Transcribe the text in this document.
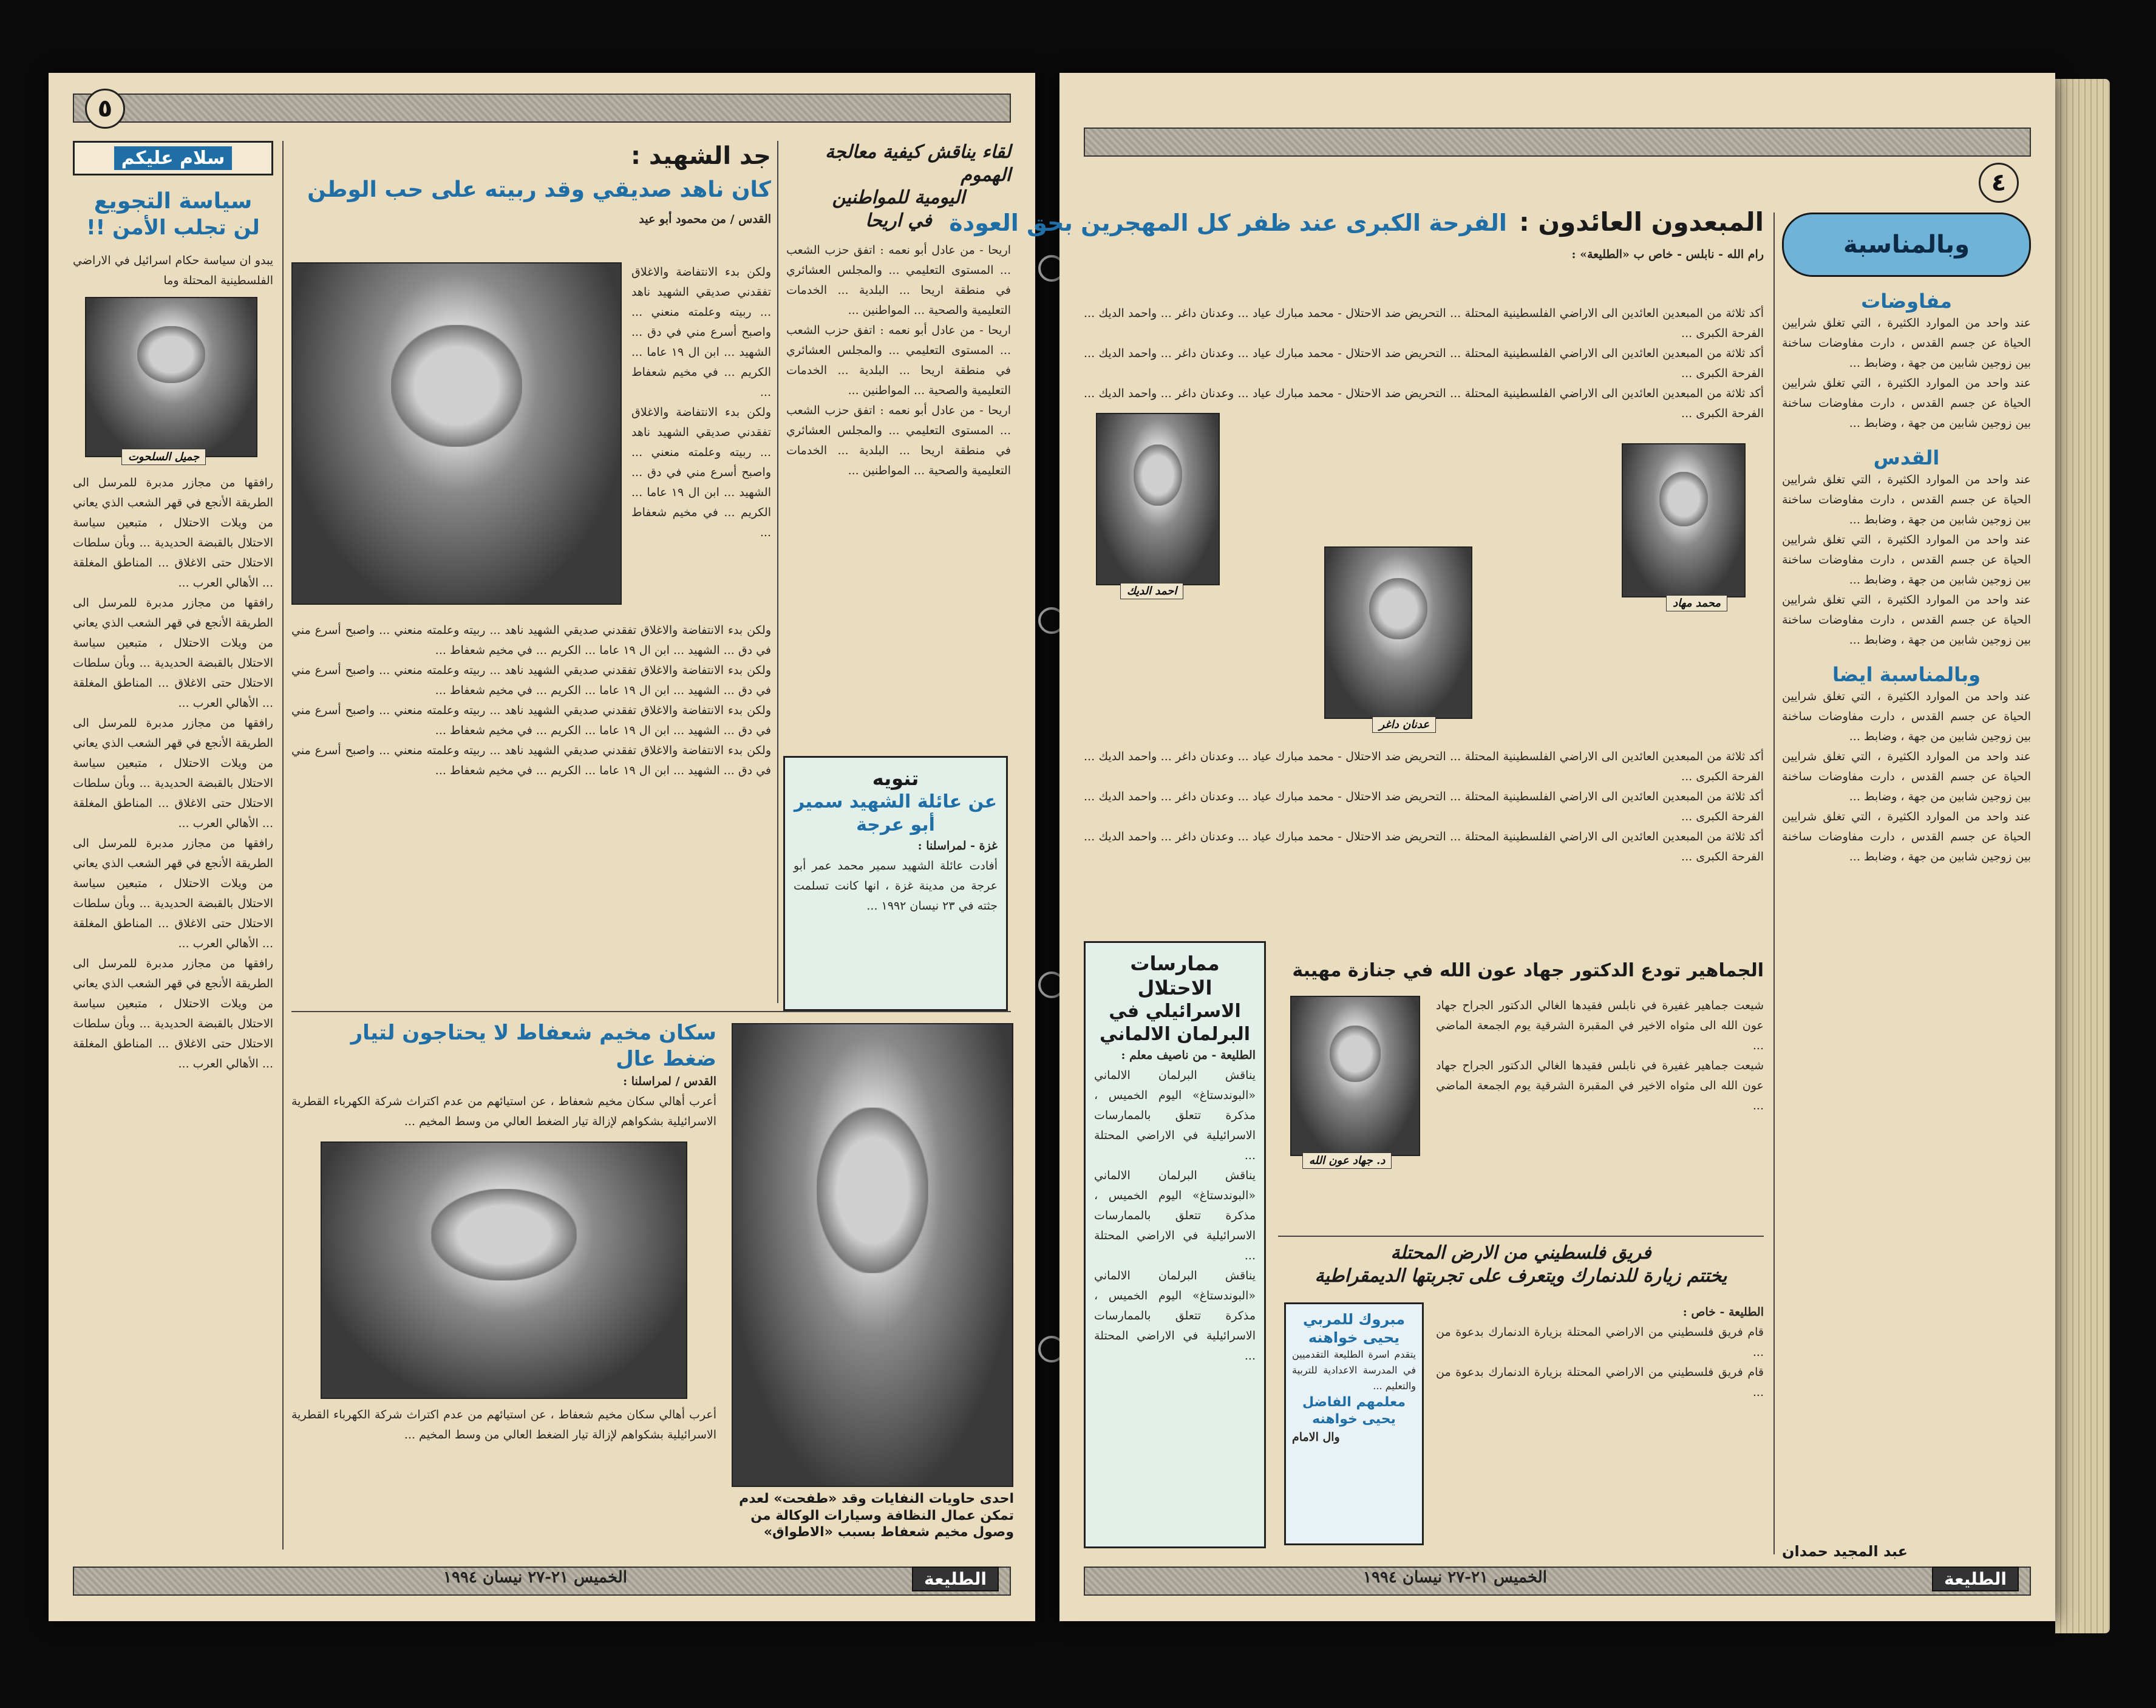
٥
سلام عليكم

سياسة التجويع

لن تجلب الأمن !!

يبدو ان سياسة حكام اسرائيل في الاراضي الفلسطينية المحتلة وما

جميل السلحوت

رافقها من مجازر مدبرة للمرسل الى الطريقة الأنجع في قهر الشعب الذي يعاني من ويلات الاحتلال ، متبعين سياسة الاحتلال بالقبضة الحديدية ... وبأن سلطات الاحتلال حتى الاغلاق ... المناطق المغلقة ... الأهالي العرب ...

رافقها من مجازر مدبرة للمرسل الى الطريقة الأنجع في قهر الشعب الذي يعاني من ويلات الاحتلال ، متبعين سياسة الاحتلال بالقبضة الحديدية ... وبأن سلطات الاحتلال حتى الاغلاق ... المناطق المغلقة ... الأهالي العرب ...

رافقها من مجازر مدبرة للمرسل الى الطريقة الأنجع في قهر الشعب الذي يعاني من ويلات الاحتلال ، متبعين سياسة الاحتلال بالقبضة الحديدية ... وبأن سلطات الاحتلال حتى الاغلاق ... المناطق المغلقة ... الأهالي العرب ...

رافقها من مجازر مدبرة للمرسل الى الطريقة الأنجع في قهر الشعب الذي يعاني من ويلات الاحتلال ، متبعين سياسة الاحتلال بالقبضة الحديدية ... وبأن سلطات الاحتلال حتى الاغلاق ... المناطق المغلقة ... الأهالي العرب ...

رافقها من مجازر مدبرة للمرسل الى الطريقة الأنجع في قهر الشعب الذي يعاني من ويلات الاحتلال ، متبعين سياسة الاحتلال بالقبضة الحديدية ... وبأن سلطات الاحتلال حتى الاغلاق ... المناطق المغلقة ... الأهالي العرب ...

جد الشهيد :

كان ناهد صديقي وقد ربيته على حب الوطن

القدس / من محمود أبو عيد

ولكن بدء الانتفاضة والاغلاق تفقدني صديقي الشهيد ناهد ... ربيته وعلمته منعني ... واصبح أسرع مني في دق ... الشهيد ... ابن ال ١٩ عاما ... الكريم ... في مخيم شعفاط ...

ولكن بدء الانتفاضة والاغلاق تفقدني صديقي الشهيد ناهد ... ربيته وعلمته منعني ... واصبح أسرع مني في دق ... الشهيد ... ابن ال ١٩ عاما ... الكريم ... في مخيم شعفاط ...

ولكن بدء الانتفاضة والاغلاق تفقدني صديقي الشهيد ناهد ... ربيته وعلمته منعني ... واصبح أسرع مني في دق ... الشهيد ... ابن ال ١٩ عاما ... الكريم ... في مخيم شعفاط ...

ولكن بدء الانتفاضة والاغلاق تفقدني صديقي الشهيد ناهد ... ربيته وعلمته منعني ... واصبح أسرع مني في دق ... الشهيد ... ابن ال ١٩ عاما ... الكريم ... في مخيم شعفاط ...

ولكن بدء الانتفاضة والاغلاق تفقدني صديقي الشهيد ناهد ... ربيته وعلمته منعني ... واصبح أسرع مني في دق ... الشهيد ... ابن ال ١٩ عاما ... الكريم ... في مخيم شعفاط ...

ولكن بدء الانتفاضة والاغلاق تفقدني صديقي الشهيد ناهد ... ربيته وعلمته منعني ... واصبح أسرع مني في دق ... الشهيد ... ابن ال ١٩ عاما ... الكريم ... في مخيم شعفاط ...

لقاء يناقش كيفية معالجة الهموم

اليومية للمواطنين

في اريحا

اريحا - من عادل أبو نعمه : اتفق حزب الشعب ... المستوى التعليمي ... والمجلس العشائري في منطقة اريحا ... البلدية ... الخدمات التعليمية والصحية ... المواطنين ...

اريحا - من عادل أبو نعمه : اتفق حزب الشعب ... المستوى التعليمي ... والمجلس العشائري في منطقة اريحا ... البلدية ... الخدمات التعليمية والصحية ... المواطنين ...

اريحا - من عادل أبو نعمه : اتفق حزب الشعب ... المستوى التعليمي ... والمجلس العشائري في منطقة اريحا ... البلدية ... الخدمات التعليمية والصحية ... المواطنين ...

تنويه

عن عائلة الشهيد سمير أبو عرجة

غزة - لمراسلنا :

أفادت عائلة الشهيد سمير محمد عمر أبو عرجة من مدينة غزة ، انها كانت تسلمت جثته في ٢٣ نيسان ١٩٩٢ ...

سكان مخيم شعفاط لا يحتاجون لتيار ضغط عال

القدس / لمراسلنا :

أعرب أهالي سكان مخيم شعفاط ، عن استيائهم من عدم اكتراث شركة الكهرباء القطرية الاسرائيلية بشكواهم لإزالة تيار الضغط العالي من وسط المخيم ...

أعرب أهالي سكان مخيم شعفاط ، عن استيائهم من عدم اكتراث شركة الكهرباء القطرية الاسرائيلية بشكواهم لإزالة تيار الضغط العالي من وسط المخيم ...

احدى حاويات النفايات وقد «طفحت» لعدم تمكن عمال النظافة وسيارات الوكالة من وصول مخيم شعفاط بسبب «الاطواق»

الخميس ٢١-٢٧ نيسان ١٩٩٤	الطليعة
٤
وبالمناسبة

مفاوضات

عند واحد من الموارد الكثيرة ، التي تغلق شرايين الحياة عن جسم القدس ، دارت مفاوضات ساخنة بين زوجين شابين من جهة ، وضابط ...

عند واحد من الموارد الكثيرة ، التي تغلق شرايين الحياة عن جسم القدس ، دارت مفاوضات ساخنة بين زوجين شابين من جهة ، وضابط ...

القدس

عند واحد من الموارد الكثيرة ، التي تغلق شرايين الحياة عن جسم القدس ، دارت مفاوضات ساخنة بين زوجين شابين من جهة ، وضابط ...

عند واحد من الموارد الكثيرة ، التي تغلق شرايين الحياة عن جسم القدس ، دارت مفاوضات ساخنة بين زوجين شابين من جهة ، وضابط ...

عند واحد من الموارد الكثيرة ، التي تغلق شرايين الحياة عن جسم القدس ، دارت مفاوضات ساخنة بين زوجين شابين من جهة ، وضابط ...

وبالمناسبة ايضا

عند واحد من الموارد الكثيرة ، التي تغلق شرايين الحياة عن جسم القدس ، دارت مفاوضات ساخنة بين زوجين شابين من جهة ، وضابط ...

عند واحد من الموارد الكثيرة ، التي تغلق شرايين الحياة عن جسم القدس ، دارت مفاوضات ساخنة بين زوجين شابين من جهة ، وضابط ...

عند واحد من الموارد الكثيرة ، التي تغلق شرايين الحياة عن جسم القدس ، دارت مفاوضات ساخنة بين زوجين شابين من جهة ، وضابط ...

عبد المجيد حمدان

المبعدون العائدون :

الفرحة الكبرى عند ظفر كل المهجرين بحق العودة

رام الله - نابلس - خاص ب «الطليعة» :

محمد مهاد
عدنان داغر
احمد الديك

أكد ثلاثة من المبعدين العائدين الى الاراضي الفلسطينية المحتلة ... التحريض ضد الاحتلال - محمد مبارك عياد ... وعدنان داغر ... واحمد الديك ... الفرحة الكبرى ...

أكد ثلاثة من المبعدين العائدين الى الاراضي الفلسطينية المحتلة ... التحريض ضد الاحتلال - محمد مبارك عياد ... وعدنان داغر ... واحمد الديك ... الفرحة الكبرى ...

أكد ثلاثة من المبعدين العائدين الى الاراضي الفلسطينية المحتلة ... التحريض ضد الاحتلال - محمد مبارك عياد ... وعدنان داغر ... واحمد الديك ... الفرحة الكبرى ...

أكد ثلاثة من المبعدين العائدين الى الاراضي الفلسطينية المحتلة ... التحريض ضد الاحتلال - محمد مبارك عياد ... وعدنان داغر ... واحمد الديك ... الفرحة الكبرى ...

أكد ثلاثة من المبعدين العائدين الى الاراضي الفلسطينية المحتلة ... التحريض ضد الاحتلال - محمد مبارك عياد ... وعدنان داغر ... واحمد الديك ... الفرحة الكبرى ...

أكد ثلاثة من المبعدين العائدين الى الاراضي الفلسطينية المحتلة ... التحريض ضد الاحتلال - محمد مبارك عياد ... وعدنان داغر ... واحمد الديك ... الفرحة الكبرى ...

ممارسات

الاحتلال

الاسرائيلي في

البرلمان الالماني

الطليعة - من ناصيف معلم :

يناقش البرلمان الالماني «البوندستاغ» اليوم الخميس ، مذكرة تتعلق بالممارسات الاسرائيلية في الاراضي المحتلة ...

يناقش البرلمان الالماني «البوندستاغ» اليوم الخميس ، مذكرة تتعلق بالممارسات الاسرائيلية في الاراضي المحتلة ...

يناقش البرلمان الالماني «البوندستاغ» اليوم الخميس ، مذكرة تتعلق بالممارسات الاسرائيلية في الاراضي المحتلة ...

الجماهير تودع الدكتور جهاد عون الله في جنازة مهيبة

د. جهاد عون الله

شيعت جماهير غفيرة في نابلس فقيدها الغالي الدكتور الجراح جهاد عون الله الى مثواه الاخير في المقبرة الشرقية يوم الجمعة الماضي ...

شيعت جماهير غفيرة في نابلس فقيدها الغالي الدكتور الجراح جهاد عون الله الى مثواه الاخير في المقبرة الشرقية يوم الجمعة الماضي ...

فريق فلسطيني من الارض المحتلة

يختتم زيارة للدنمارك ويتعرف على تجربتها الديمقراطية

الطليعة - خاص :

قام فريق فلسطيني من الاراضي المحتلة بزيارة الدنمارك بدعوة من ...

قام فريق فلسطيني من الاراضي المحتلة بزيارة الدنمارك بدعوة من ...

مبروك للمربي

يحيى خواهنه

يتقدم اسرة الطليعة التقدميين في المدرسة الاعدادية للتربية والتعليم ...

معلمهم الفاضل

يحيى خواهنه

وال الامام

الخميس ٢١-٢٧ نيسان ١٩٩٤	الطليعة
